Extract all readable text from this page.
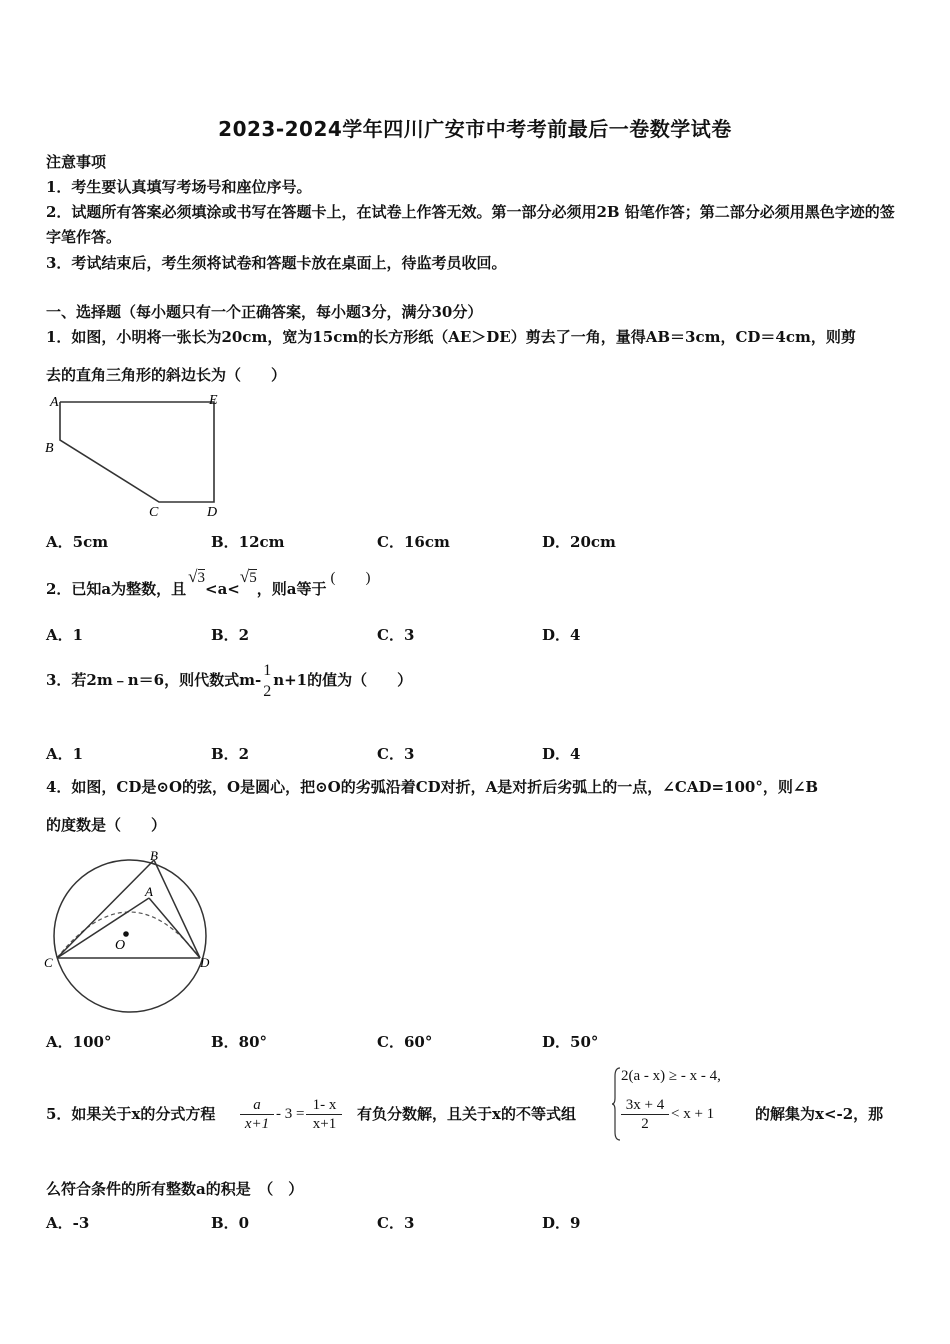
2023-2024学年四川广安市中考考前最后一卷数学试卷
注意事项
1．考生要认真填写考场号和座位序号。
2．试题所有答案必须填涂或书写在答题卡上，在试卷上作答无效。第一部分必须用2B 铅笔作答；第二部分必须用黑色字迹的签字笔作答。
3．考试结束后，考生须将试卷和答题卡放在桌面上，待监考员收回。
一、选择题（每小题只有一个正确答案，每小题3分，满分30分）
1．如图，小明将一张长为20cm，宽为15cm的长方形纸（AE＞DE）剪去了一角，量得AB＝3cm，CD＝4cm，则剪
去的直角三角形的斜边长为（　　）
A	E
B
C	D
A．5cm	B．12cm	C．16cm	D．20cm
2．已知a为整数，且√3<a<√5，则a等于(　　)
A．1	B．2	C．3	D．4
3．若2m﹣n＝6，则代数式m-
1
2
n+1的值为（　　）
A．1	B．2	C．3	D．4
4．如图，CD是⊙O的弦，O是圆心，把⊙O的劣弧沿着CD对折，A是对折后劣弧上的一点，∠CAD=100°，则∠B
的度数是（　　）
B
A
O
C	D
A．100°	B．80°	C．60°	D．50°
5．如果关于x的分式方程 $\frac{a}{x+1} - 3 = \frac{1- x}{x+1}$ 有负分数解，且关于x的不等式组
2(a - x) ≥ - x - 4,
$\frac{3x + 4}{2} < x + 1$	的解集为x<-2，那
么符合条件的所有整数a的积是　（　）
A．-3	B．0	C．3	D．9
